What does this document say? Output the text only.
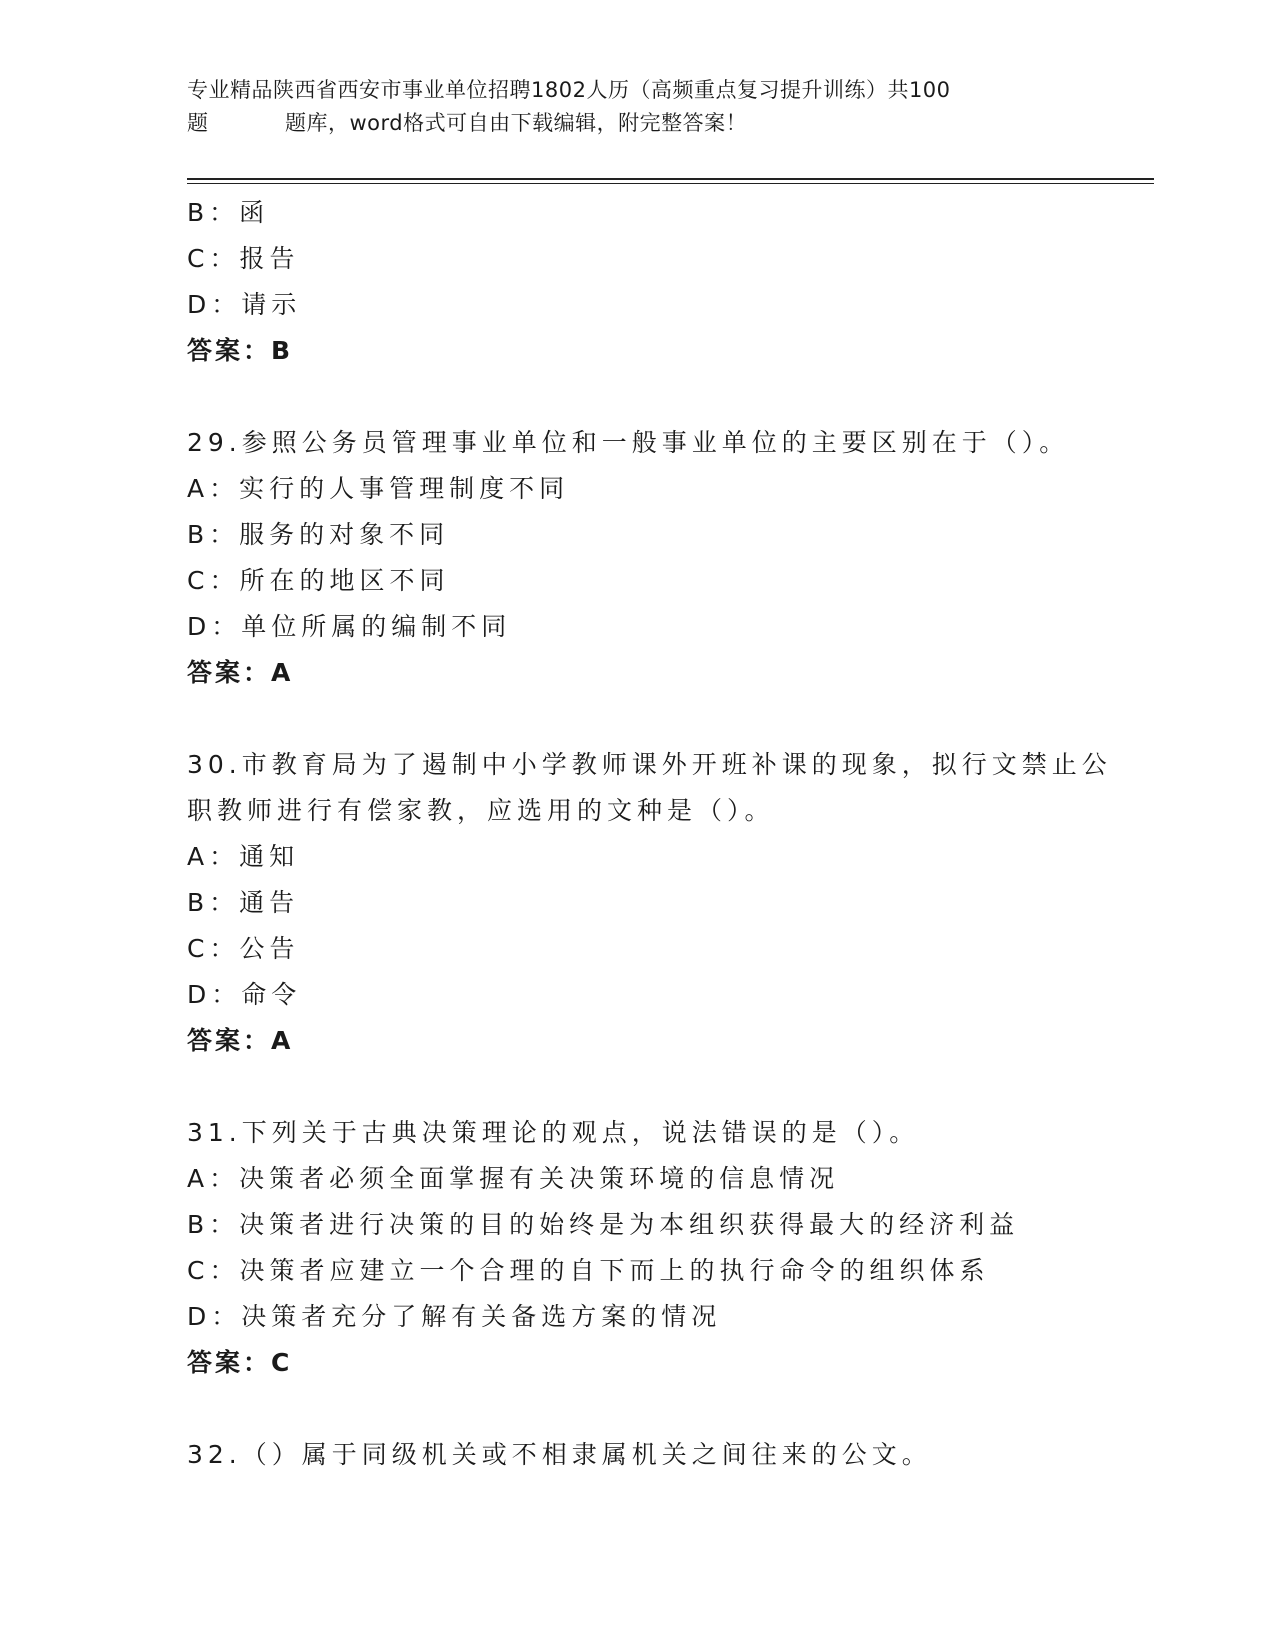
专业精品陕西省西安市事业单位招聘1802人历（高频重点复习提升训练）共100
题	题库，word格式可自由下载编辑，附完整答案！
B：函
C：报告
D：请示
答案：B
29.参照公务员管理事业单位和一般事业单位的主要区别在于（）。
A：实行的人事管理制度不同
B：服务的对象不同
C：所在的地区不同
D：单位所属的编制不同
答案：A
30.市教育局为了遏制中小学教师课外开班补课的现象，拟行文禁止公
职教师进行有偿家教，应选用的文种是（）。
A：通知
B：通告
C：公告
D：命令
答案：A
31.下列关于古典决策理论的观点，说法错误的是（）。
A：决策者必须全面掌握有关决策环境的信息情况
B：决策者进行决策的目的始终是为本组织获得最大的经济利益
C：决策者应建立一个合理的自下而上的执行命令的组织体系
D：决策者充分了解有关备选方案的情况
答案：C
32.（）属于同级机关或不相隶属机关之间往来的公文。
